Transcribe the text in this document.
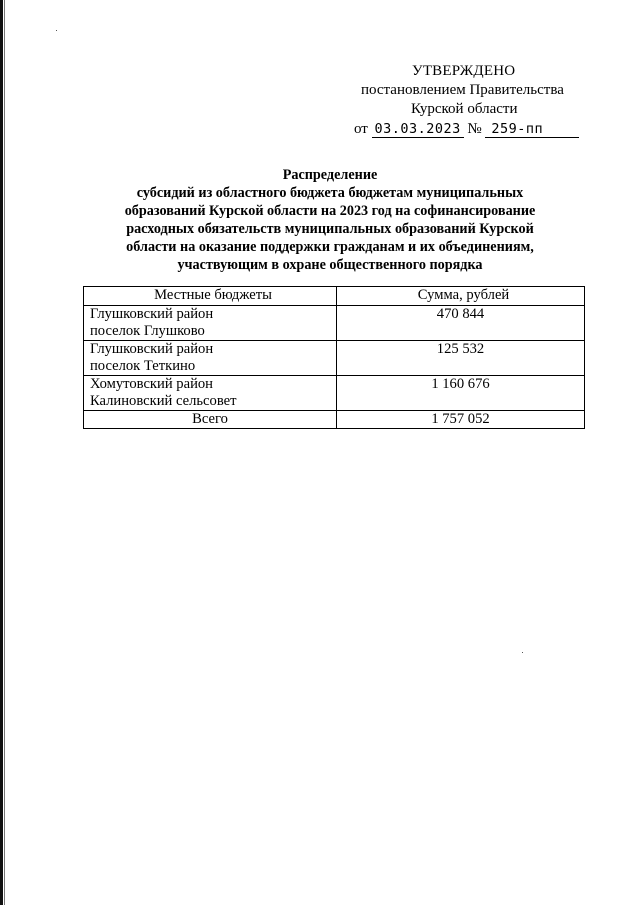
УТВЕРЖДЕНО
постановлением Правительства
Курской области
от 03.03.2023 № 259-пп
Распределение
субсидий из областного бюджета бюджетам муниципальных
образований Курской области на 2023 год на софинансирование
расходных обязательств муниципальных образований Курской
области на оказание поддержки гражданам и их объединениям,
участвующим в охране общественного порядка
Местные бюджеты	Сумма, рублей

Глушковский район
поселок Глушково	470 844

Глушковский район
поселок Теткино	125 532

Хомутовский район
Калиновский сельсовет	1 160 676
Всего	1 757 052
